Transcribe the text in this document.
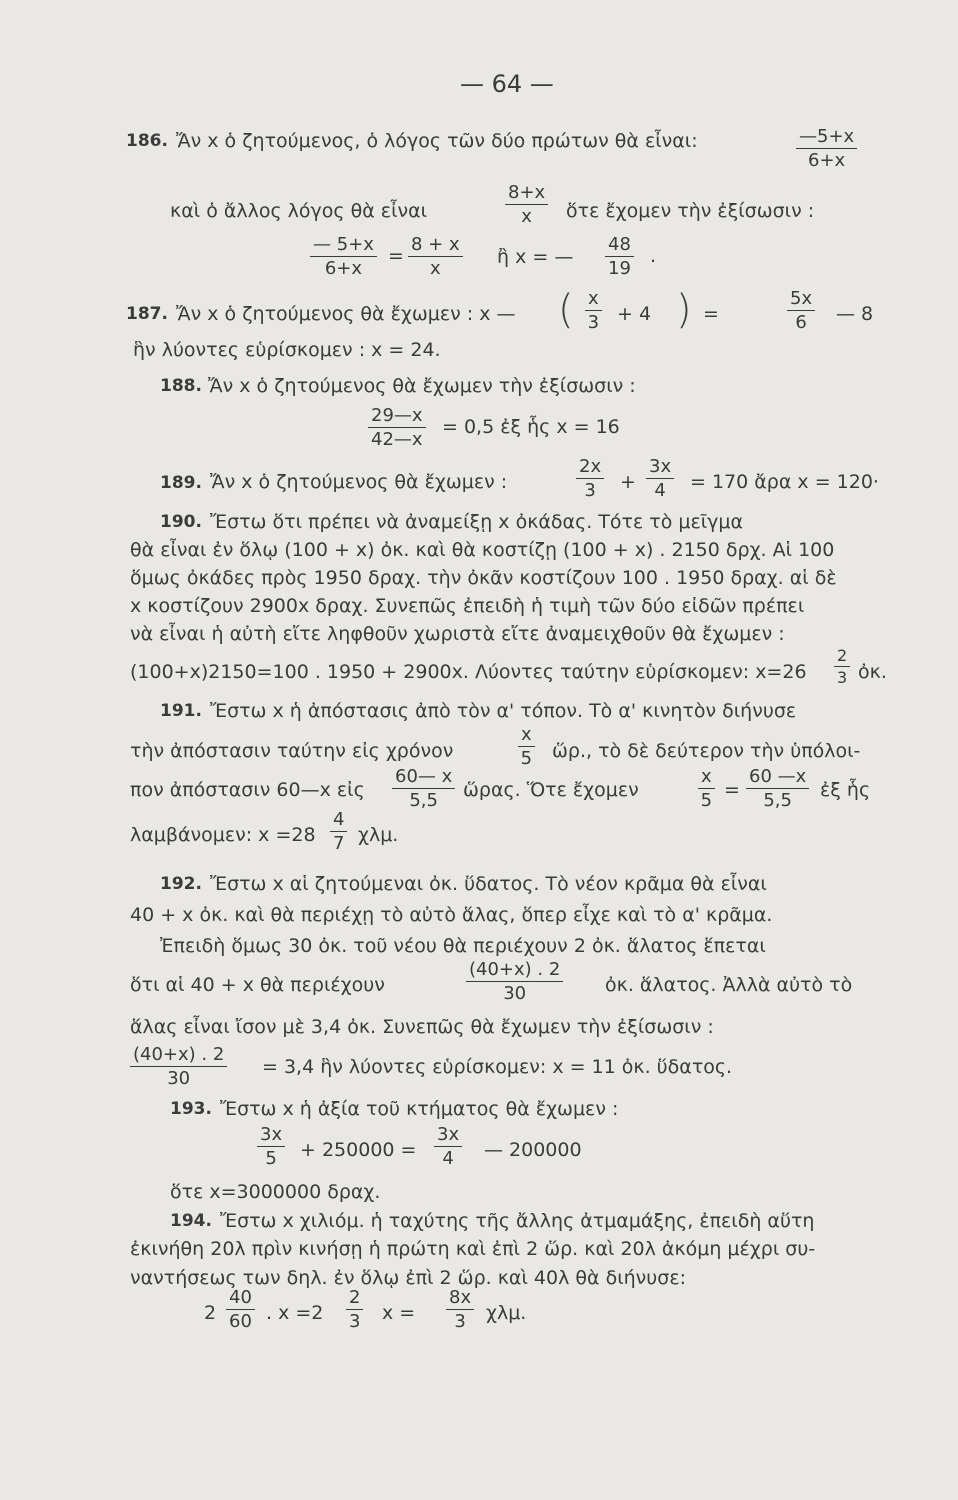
— 64 —
186. Ἄν x ὁ ζητούμενος, ὁ λόγος τῶν δύο πρώτων θὰ εἶναι:	$\frac{—5+x}{6+x}$
καὶ ὁ ἄλλος λόγος θὰ εἶναι	$\frac{8+x}{x}$ ὅτε ἔχομεν τὴν ἐξίσωσιν :
$\frac{— 5+x}{6+x} = \frac{8 + x}{x}$ ἢ x = — $\frac{48}{19}$ .
187. Ἄν x ὁ ζητούμενος θὰ ἔχωμεν : x — ( $\frac{x}{3} + 4$ ) =	$\frac{5x}{6}$ — 8
ἣν λύοντες εὑρίσκομεν : x = 24.
188. Ἄν x ὁ ζητούμενος θὰ ἔχωμεν τὴν ἐξίσωσιν :
$\frac{29—x}{42—x} = 0,5$ ἐξ ἧς x = 16
189. Ἄν x ὁ ζητούμενος θὰ ἔχωμεν :	$\frac{2x}{3} + \frac{3x}{4} = 170$ ἄρα x = 120·
190. Ἔστω ὅτι πρέπει νὰ ἀναμείξῃ x ὀκάδας. Τότε τὸ μεῖγμα
θὰ εἶναι ἐν ὅλῳ (100 + x) ὀκ. καὶ θὰ κοστίζῃ (100 + x) . 2150 δρχ. Αἱ 100
ὅμως ὀκάδες πρὸς 1950 δραχ. τὴν ὀκᾶν κοστίζουν 100 . 1950 δραχ. αἱ δὲ
x κοστίζουν 2900x δραχ. Συνεπῶς ἐπειδὴ ἡ τιμὴ τῶν δύο εἰδῶν πρέπει
νὰ εἶναι ἡ αὐτὴ εἴτε ληφθοῦν χωριστὰ εἴτε ἀναμειχθοῦν θὰ ἔχωμεν :
(100+x)2150=100 . 1950 + 2900x. Λύοντες ταύτην εὑρίσκομεν: $x=26 \frac{2}{3}$ ὀκ.
191. Ἔστω x ἡ ἀπόστασις ἀπὸ τὸν α' τόπον. Τὸ α' κινητὸν διήνυσε
τὴν ἀπόστασιν ταύτην εἰς χρόνον	$\frac{x}{5}$ ὥρ., τὸ δὲ δεύτερον τὴν ὑπόλοι-
πον ἀπόστασιν 60—x εἰς $\frac{60— x}{5,5}$ ὥρας. Ὅτε ἔχομεν	$\frac{x}{5} = \frac{60 —x}{5,5}$ ἐξ ἧς
λαμβάνομεν: $x =28 \frac{4}{7} \chi\lambda\mu$.
192. Ἔστω x αἱ ζητούμεναι ὀκ. ὕδατος. Τὸ νέον κρᾶμα θὰ εἶναι
40 + x ὀκ. καὶ θὰ περιέχῃ τὸ αὐτὸ ἅλας, ὅπερ εἶχε καὶ τὸ α' κρᾶμα.
Ἐπειδὴ ὅμως 30 ὀκ. τοῦ νέου θὰ περιέχουν 2 ὀκ. ἅλατος ἕπεται
ὅτι αἱ 40 + x θὰ περιέχουν	$\frac{(40+x) . 2}{30}$ ὀκ. ἅλατος. Ἀλλὰ αὐτὸ τὸ
ἅλας εἶναι ἴσον μὲ 3,4 ὀκ. Συνεπῶς θὰ ἔχωμεν τὴν ἐξίσωσιν :
$\frac{(40+x) . 2}{30} = 3,4$ ἣν λύοντες εὑρίσκομεν: x = 11 ὀκ. ὕδατος.
193. Ἔστω x ἡ ἀξία τοῦ κτήματος θὰ ἔχωμεν :
$\frac{3x}{5} + 250000 = \frac{3x}{4}$ — 200000
ὅτε x=3000000 δραχ.
194. Ἔστω x χιλιόμ. ἡ ταχύτης τῆς ἄλλης ἀτμαμάξης, ἐπειδὴ αὕτη
ἐκινήθη 20λ πρὶν κινήσῃ ἡ πρώτη καὶ ἐπὶ 2 ὥρ. καὶ 20λ ἀκόμη μέχρι συ-
ναντήσεως των δηλ. ἐν ὅλῳ ἐπὶ 2 ὥρ. καὶ 40λ θὰ διήνυσε:
$2 \frac{40}{60}$ . $x =2 \frac{2}{3}$ $x = \frac{8x}{3} \chi\lambda\mu$.
